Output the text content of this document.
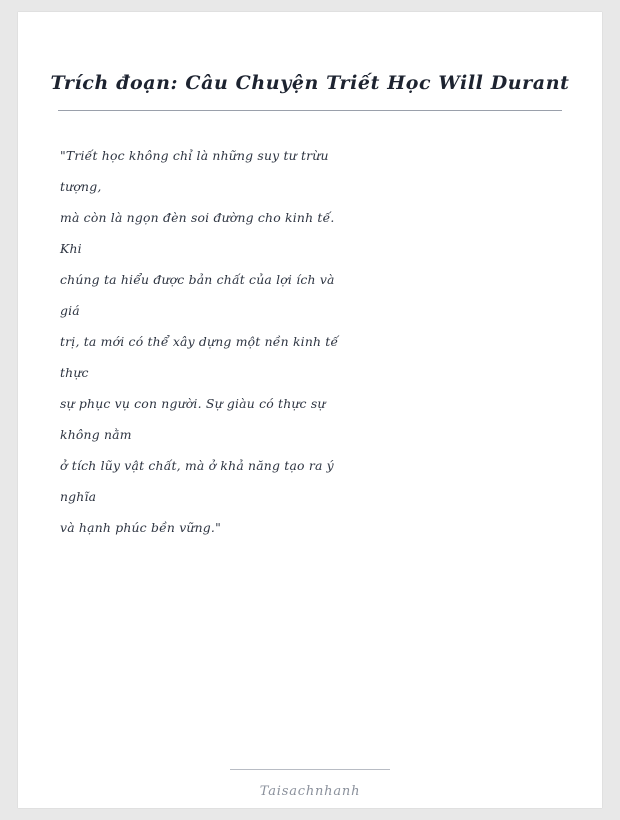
Trích đoạn: Câu Chuyện Triết Học Will Durant
"Triết học không chỉ là những suy tư trừu
tượng,
mà còn là ngọn đèn soi đường cho kinh tế. Khi
chúng ta hiểu được bản chất của lợi ích và
giá
trị, ta mới có thể xây dựng một nền kinh tế
thực
sự phục vụ con người. Sự giàu có thực sự
không nằm
ở tích lũy vật chất, mà ở khả năng tạo ra ý
nghĩa
và hạnh phúc bền vững."
Taisachnhanh
